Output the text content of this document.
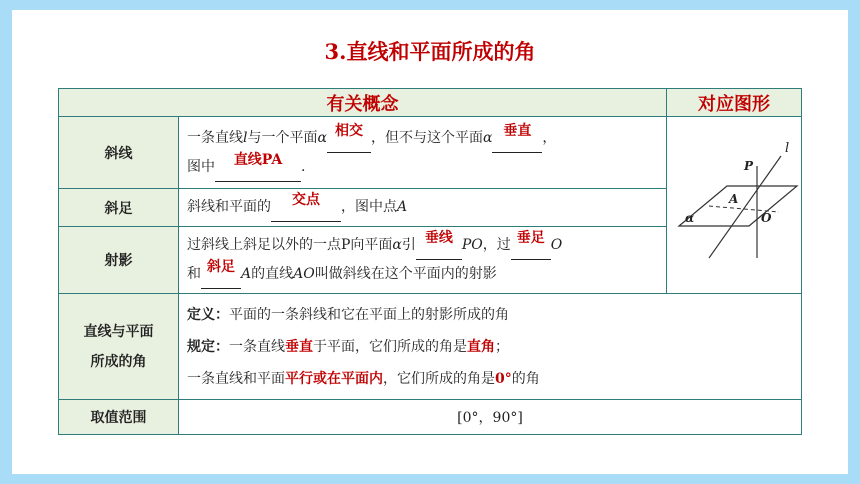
3.直线和平面所成的角
有关概念		对应图形
斜线	一条直线l与一个平面α 相交 ，但不与这个平面α 垂直 ，
图中 直线PA .	l
P
A
O
α

斜足	斜线和平面的 交点 ，图中点A	
射影	过斜线上斜足以外的一点P向平面α引 垂线 PO，过 垂足 O
和 斜足 A的直线AO叫做斜线在这个平面内的射影	
直线与平面
所成的角	定义：平面的一条斜线和它在平面上的射影所成的角
规定：一条直线垂直于平面，它们所成的角是直角；
一条直线和平面平行或在平面内，它们所成的角是0°的角	
取值范围	[0°，90°]	
